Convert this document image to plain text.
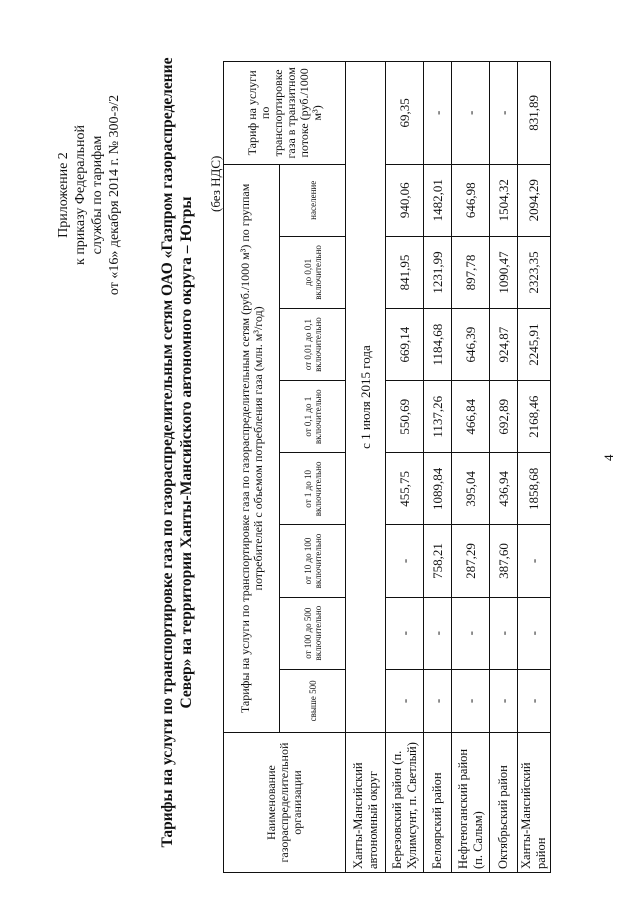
Приложение 2 к приказу Федеральной службы по тарифам от «16» декабря 2014 г. № 300-э/2 Тарифы на услуги по транспортировке газа по газораспределительным сетям ОАО «Газпром газораспределение Север» на территории Ханты-Мансийского автономного округа – Югры
(без НДС)
Наименование газораспределительной организации	Тарифы на услуги по транспортировке газа по газораспределительным сетям (руб./1000 м³) по группам потребителей с объемом потребления газа (млн. м³/год)								Тариф на услуги по транспортировке газа в транзитном потоке (руб./1000 м³)
	свыше 500	от 100 до 500 включительно	от 10 до 100 включительно	от 1 до 10 включительно	от 0,1 до 1 включительно	от 0,01 до 0,1 включительно	до 0,01 включительно	население	
Ханты-Мансийский автономный округ	с 1 июля 2015 года								
Березовский район (п. Хулимсунт, п. Светлый)	-	-	-	455,75	550,69	669,14	841,95	940,06	69,35
Белоярский район	-	-	758,21	1089,84	1137,26	1184,68	1231,99	1482,01	-
Нефтеюганский район (п. Салым)	-	-	287,29	395,04	466,84	646,39	897,78	646,98	-
Октябрьский район	-	-	387,60	436,94	692,89	924,87	1090,47	1504,32	-
Ханты-Мансийский район	-	-	-	1858,68	2168,46	2245,91	2323,35	2094,29	831,89
4
